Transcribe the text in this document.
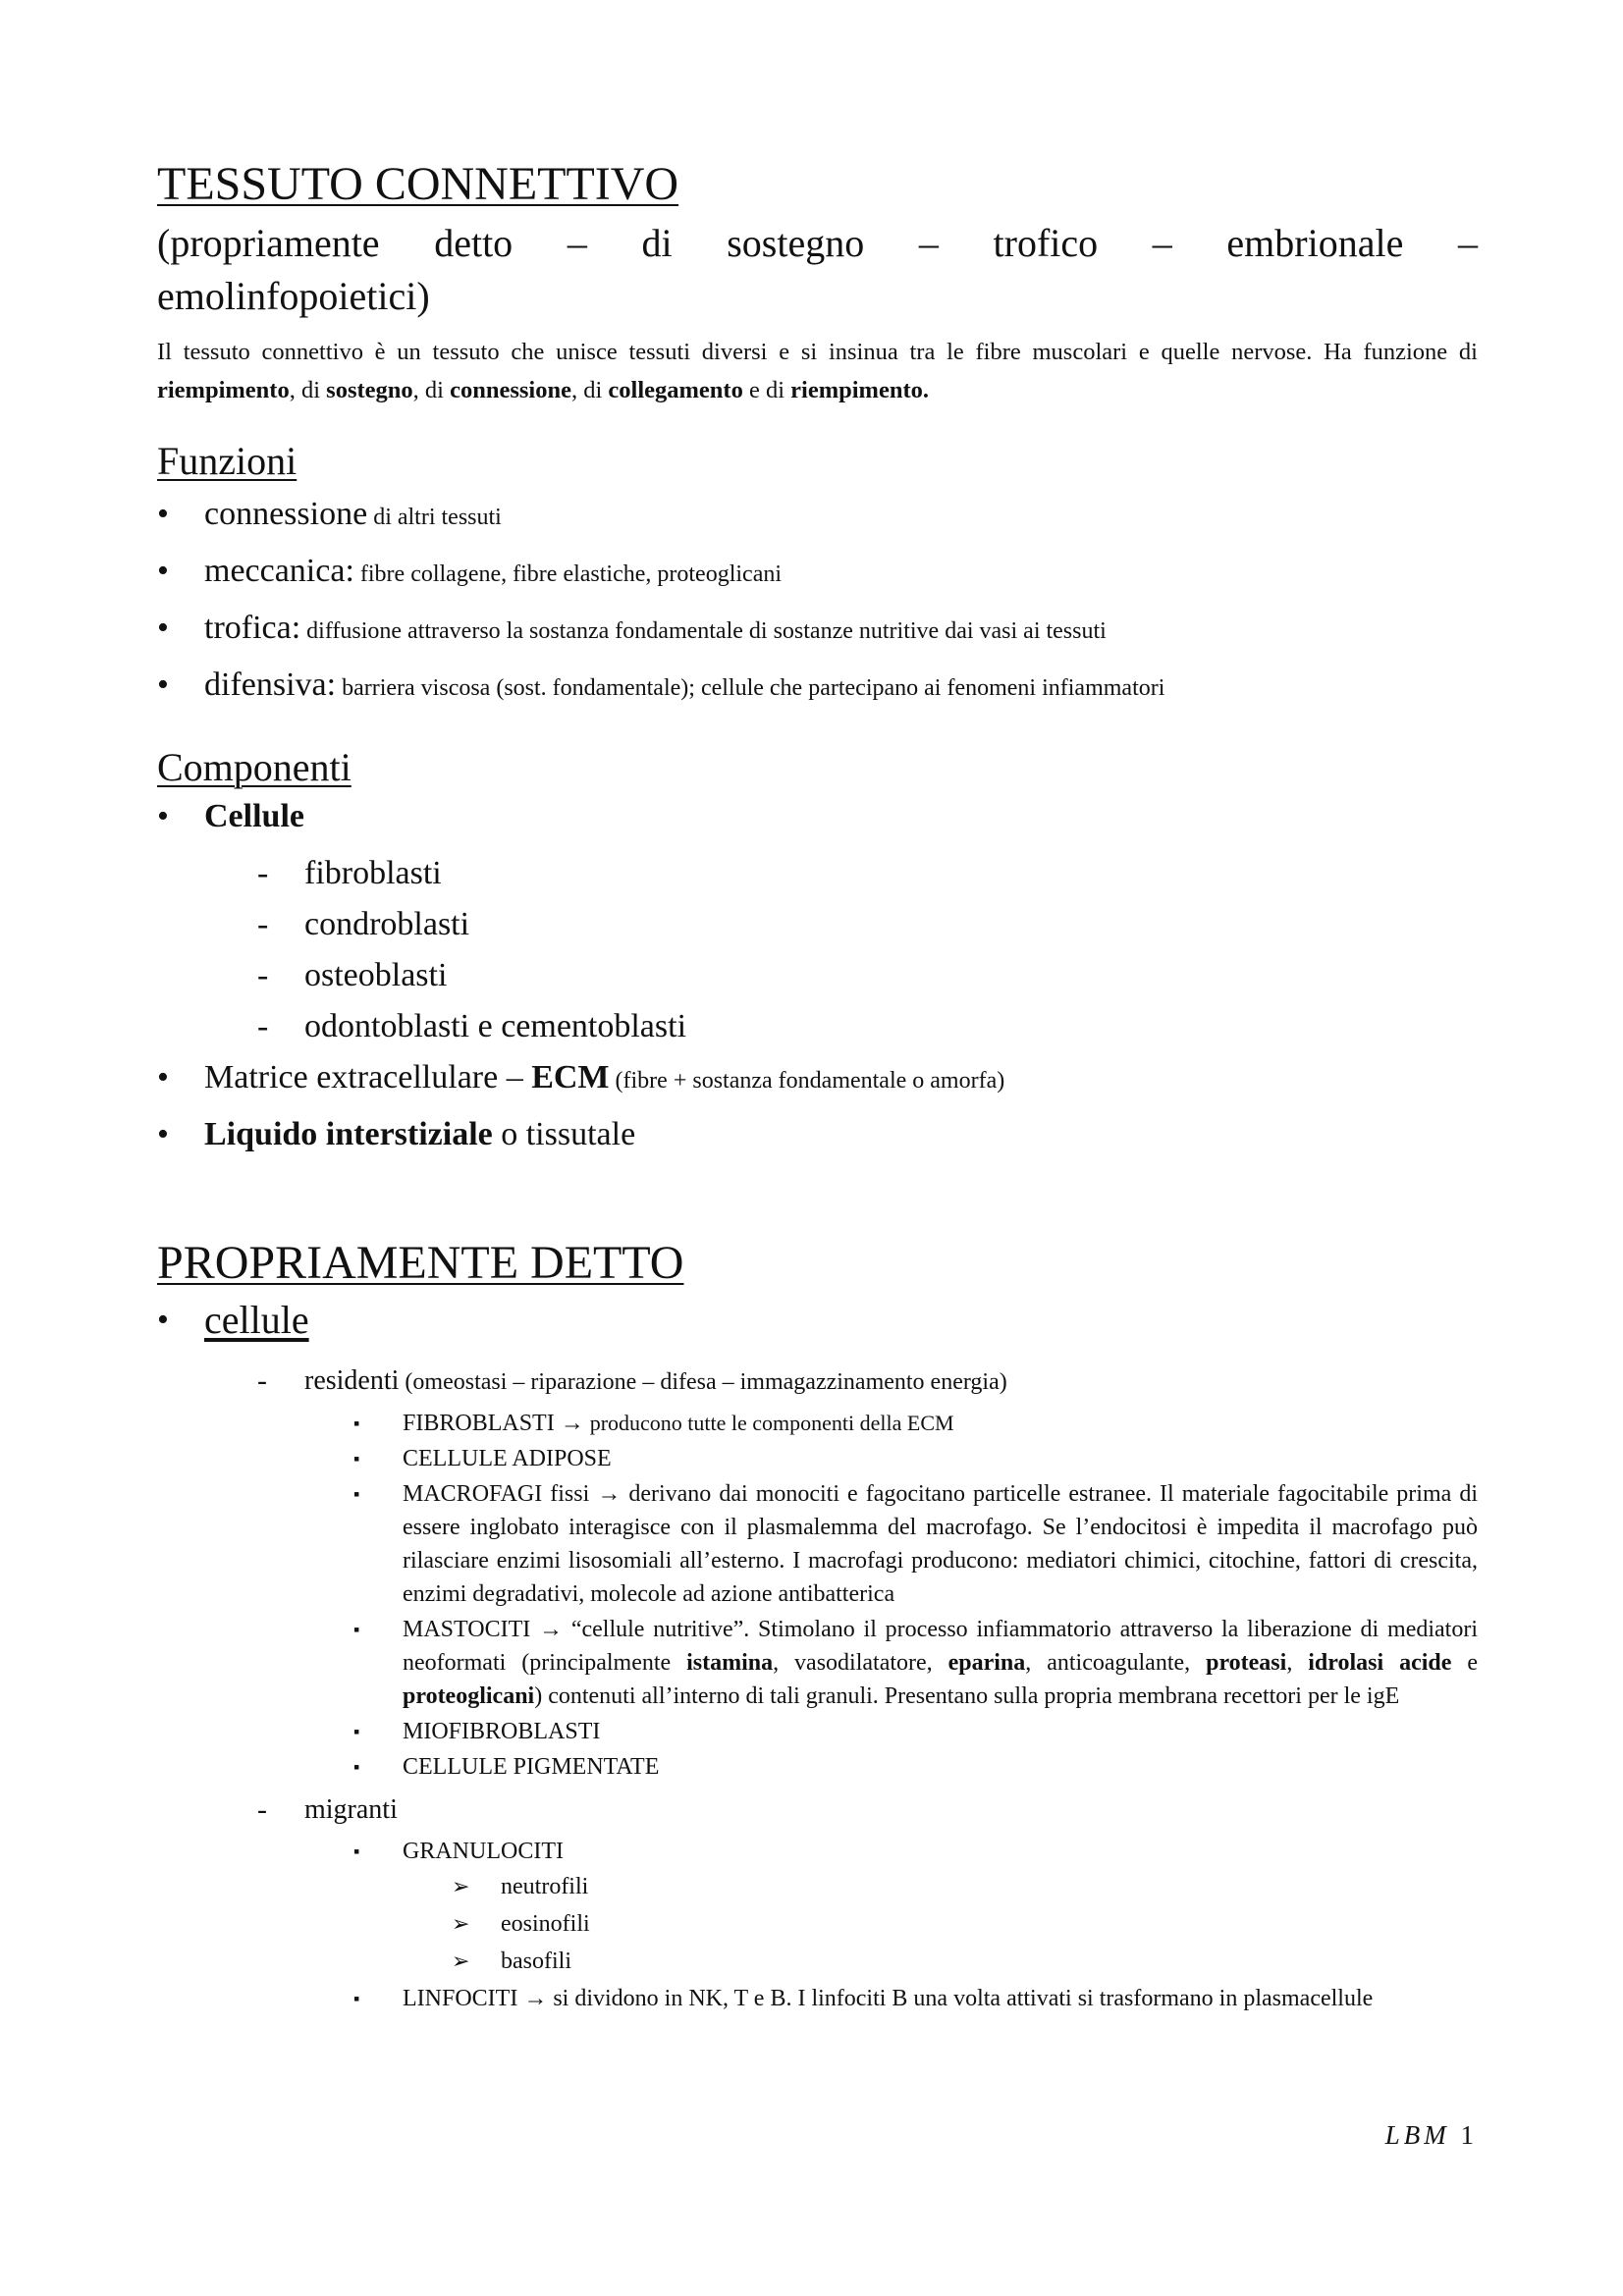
TESSUTO CONNETTIVO
(propriamente detto – di sostegno – trofico – embrionale –
emolinfopoietici)

Il tessuto connettivo è un tessuto che unisce tessuti diversi e si insinua tra le fibre muscolari e quelle nervose. Ha funzione di riempimento, di sostegno, di connessione, di collegamento e di riempimento.

Funzioni
• connessione di altri tessuti
• meccanica: fibre collagene, fibre elastiche, proteoglicani
• trofica: diffusione attraverso la sostanza fondamentale di sostanze nutritive dai vasi ai tessuti
• difensiva: barriera viscosa (sost. fondamentale); cellule che partecipano ai fenomeni infiammatori
Componenti
• Cellule
- fibroblasti
- condroblasti
- osteoblasti
- odontoblasti e cementoblasti
• Matrice extracellulare – ECM (fibre + sostanza fondamentale o amorfa)
• Liquido interstiziale o tissutale
PROPRIAMENTE DETTO
• cellule
- residenti (omeostasi – riparazione – difesa – immagazzinamento energia)
▪ FIBROBLASTI → producono tutte le componenti della ECM
▪ CELLULE ADIPOSE
▪ MACROFAGI fissi → derivano dai monociti e fagocitano particelle estranee. Il materiale fagocitabile prima di essere inglobato interagisce con il plasmalemma del macrofago. Se l’endocitosi è impedita il macrofago può rilasciare enzimi lisosomiali all’esterno. I macrofagi producono: mediatori chimici, citochine, fattori di crescita, enzimi degradativi, molecole ad azione antibatterica
▪ MASTOCITI → “cellule nutritive”. Stimolano il processo infiammatorio attraverso la liberazione di mediatori neoformati (principalmente istamina, vasodilatatore, eparina, anticoagulante, proteasi, idrolasi acide e proteoglicani) contenuti all’interno di tali granuli. Presentano sulla propria membrana recettori per le igE
▪ MIOFIBROBLASTI
▪ CELLULE PIGMENTATE
- migranti
▪ GRANULOCITI
➢ neutrofili
➢ eosinofili
➢ basofili
▪ LINFOCITI → si dividono in NK, T e B. I linfociti B una volta attivati si trasformano in plasmacellule
LBM 1
